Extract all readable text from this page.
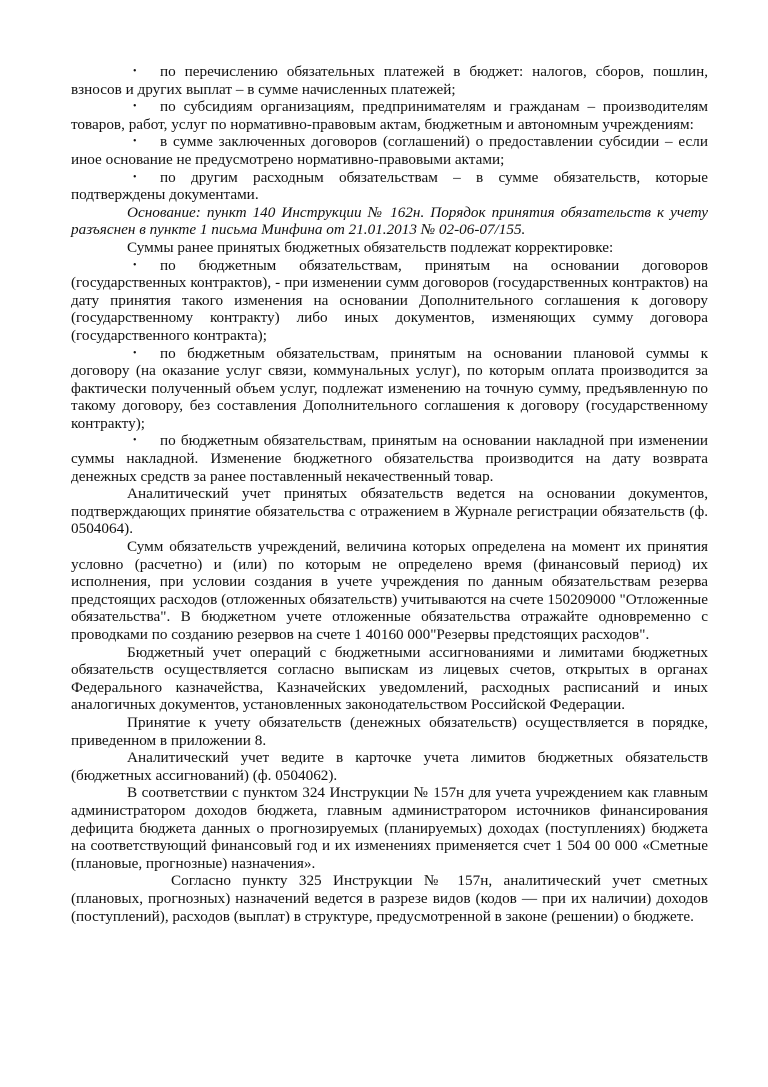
• по перечислению обязательных платежей в бюджет: налогов, сборов, пошлин, взносов и других выплат – в сумме начисленных платежей;

• по субсидиям организациям, предпринимателям и гражданам – производителям товаров, работ, услуг по нормативно-правовым актам, бюджетным и автономным учреждениям:

• в сумме заключенных договоров (соглашений) о предоставлении субсидии – если иное основание не предусмотрено нормативно-правовыми актами;

• по другим расходным обязательствам – в сумме обязательств, которые подтверждены документами.

Основание: пункт 140 Инструкции № 162н. Порядок принятия обязательств к учету разъяснен в пункте 1 письма Минфина от 21.01.2013 № 02-06-07/155.

Суммы ранее принятых бюджетных обязательств подлежат корректировке:

• по бюджетным обязательствам, принятым на основании договоров (государственных контрактов), - при изменении сумм договоров (государственных контрактов) на дату принятия такого изменения на основании Дополнительного соглашения к договору (государственному контракту) либо иных документов, изменяющих сумму договора (государственного контракта);

• по бюджетным обязательствам, принятым на основании плановой суммы к договору (на оказание услуг связи, коммунальных услуг), по которым оплата производится за фактически полученный объем услуг, подлежат изменению на точную сумму, предъявленную по такому договору, без составления Дополнительного соглашения к договору (государственному контракту);

• по бюджетным обязательствам, принятым на основании накладной при изменении суммы накладной. Изменение бюджетного обязательства производится на дату возврата денежных средств за ранее поставленный некачественный товар.

Аналитический учет принятых обязательств ведется на основании документов, подтверждающих принятие обязательства с отражением в Журнале регистрации обязательств (ф. 0504064).

Сумм обязательств учреждений, величина которых определена на момент их принятия условно (расчетно) и (или) по которым не определено время (финансовый период) их исполнения, при условии создания в учете учреждения по данным обязательствам резерва предстоящих расходов (отложенных обязательств) учитываются на счете 150209000 "Отложенные обязательства". В бюджетном учете отложенные обязательства отражайте одновременно с проводками по созданию резервов на счете 1 40160 000"Резервы предстоящих расходов".

Бюджетный учет операций с бюджетными ассигнованиями и лимитами бюджетных обязательств осуществляется согласно выпискам из лицевых счетов, открытых в органах Федерального казначейства, Казначейских уведомлений, расходных расписаний и иных аналогичных документов, установленных законодательством Российской Федерации.

Принятие к учету обязательств (денежных обязательств) осуществляется в порядке, приведенном в приложении 8.

Аналитический учет ведите в карточке учета лимитов бюджетных обязательств (бюджетных ассигнований) (ф. 0504062).

В соответствии с пунктом 324 Инструкции № 157н для учета учреждением как главным администратором доходов бюджета, главным администратором источников финансирования дефицита бюджета данных о прогнозируемых (планируемых) доходах (поступлениях) бюджета на соответствующий финансовый год и их изменениях применяется счет 1 504 00 000 «Сметные (плановые, прогнозные) назначения».

Согласно пункту 325 Инструкции № 157н, аналитический учет сметных (плановых, прогнозных) назначений ведется в разрезе видов (кодов — при их наличии) доходов (поступлений), расходов (выплат) в структуре, предусмотренной в законе (решении) о бюджете.
